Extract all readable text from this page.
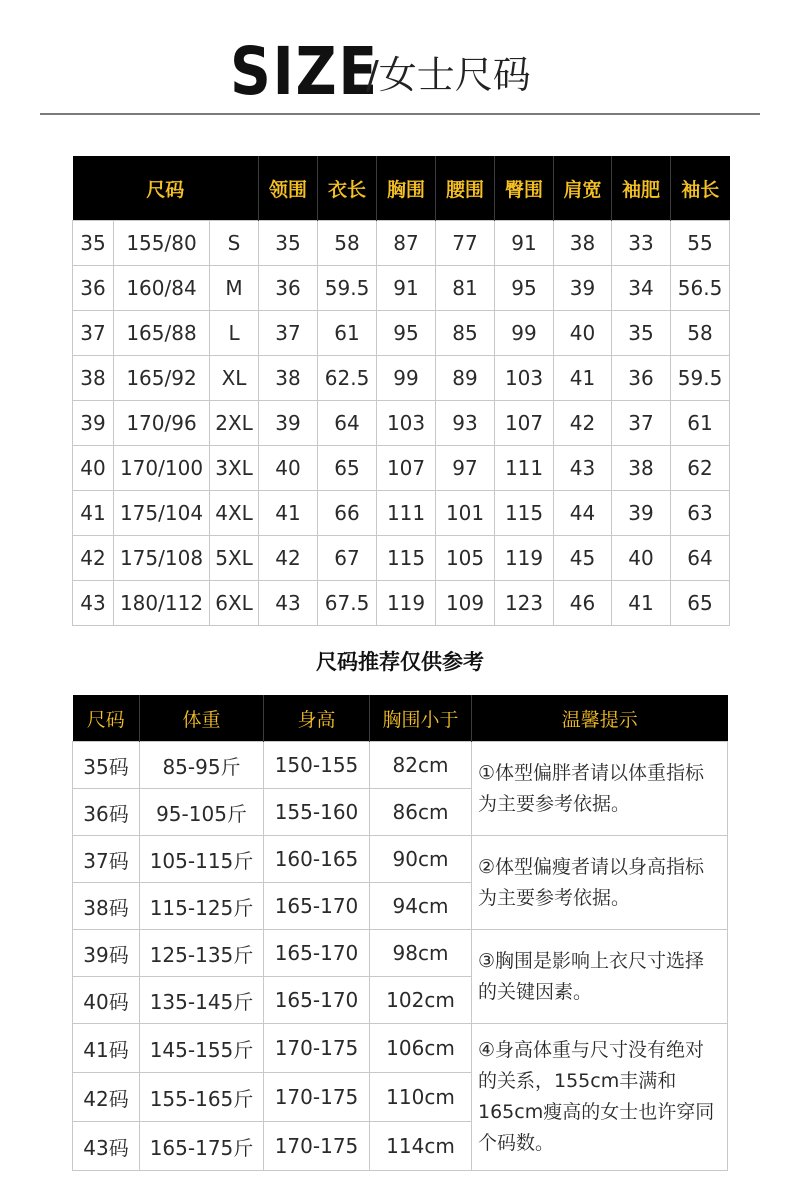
SIZE
/女士尺码
尺码			领围	衣长	胸围	腰围	臀围	肩宽	袖肥	袖长
35	155/80	S	35	58	87	77	91	38	33	55
36	160/84	M	36	59.5	91	81	95	39	34	56.5
37	165/88	L	37	61	95	85	99	40	35	58
38	165/92	XL	38	62.5	99	89	103	41	36	59.5
39	170/96	2XL	39	64	103	93	107	42	37	61
40	170/100	3XL	40	65	107	97	111	43	38	62
41	175/104	4XL	41	66	111	101	115	44	39	63
42	175/108	5XL	42	67	115	105	119	45	40	64
43	180/112	6XL	43	67.5	119	109	123	46	41	65
尺码推荐仅供参考
尺码	体重	身高	胸围小于	温馨提示
35码	85-95斤	150-155	82cm	①体型偏胖者请以体重指标为主要参考依据。
36码	95-105斤	155-160	86cm	
37码	105-115斤	160-165	90cm	②体型偏瘦者请以身高指标为主要参考依据。
38码	115-125斤	165-170	94cm	
39码	125-135斤	165-170	98cm	③胸围是影响上衣尺寸选择的关键因素。
40码	135-145斤	165-170	102cm	
41码	145-155斤	170-175	106cm	④身高体重与尺寸没有绝对的关系，155cm丰满和165cm瘦高的女士也许穿同个码数。
42码	155-165斤	170-175	110cm	
43码	165-175斤	170-175	114cm	
